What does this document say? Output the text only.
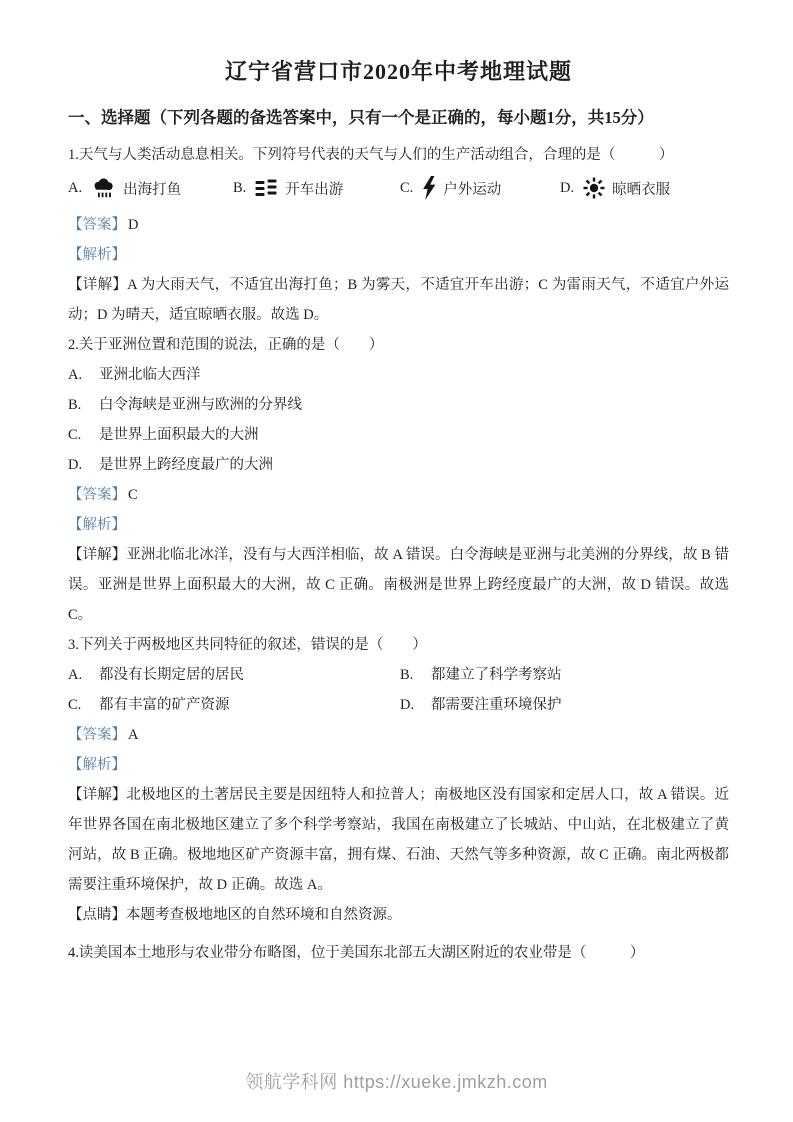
辽宁省营口市2020年中考地理试题
一、选择题（下列各题的备选答案中，只有一个是正确的，每小题1分，共15分）

1.天气与人类活动息息相关。下列符号代表的天气与人们的生产活动组合，合理的是（　　　）

A.	出海打鱼	B.	开车出游	C. 户外运动	D.	晾晒衣服

【答案】 D

【解析】

【详解】A 为大雨天气，不适宜出海打鱼；B 为雾天，不适宜开车出游；C 为雷雨天气，不适宜户外运动；D 为晴天，适宜晾晒衣服。故选 D。

2.关于亚洲位置和范围的说法，正确的是（　　）

A. 亚洲北临大西洋

B. 白令海峡是亚洲与欧洲的分界线

C. 是世界上面积最大的大洲

D. 是世界上跨经度最广的大洲

【答案】 C

【解析】

【详解】亚洲北临北冰洋，没有与大西洋相临，故 A 错误。白令海峡是亚洲与北美洲的分界线，故 B 错误。亚洲是世界上面积最大的大洲，故 C 正确。南极洲是世界上跨经度最广的大洲，故 D 错误。故选 C。

3.下列关于两极地区共同特征的叙述，错误的是（　　）

A. 都没有长期定居的居民	B. 都建立了科学考察站

C. 都有丰富的矿产资源	D. 都需要注重环境保护

【答案】 A

【解析】

【详解】北极地区的土著居民主要是因纽特人和拉普人；南极地区没有国家和定居人口，故 A 错误。近年世界各国在南北极地区建立了多个科学考察站，我国在南极建立了长城站、中山站，在北极建立了黄河站，故 B 正确。极地地区矿产资源丰富，拥有煤、石油、天然气等多种资源，故 C 正确。南北两极都需要注重环境保护，故 D 正确。故选 A。

【点睛】本题考查极地地区的自然环境和自然资源。

4.读美国本土地形与农业带分布略图，位于美国东北部五大湖区附近的农业带是（　　　）

领航学科网 https://xueke.jmkzh.com
